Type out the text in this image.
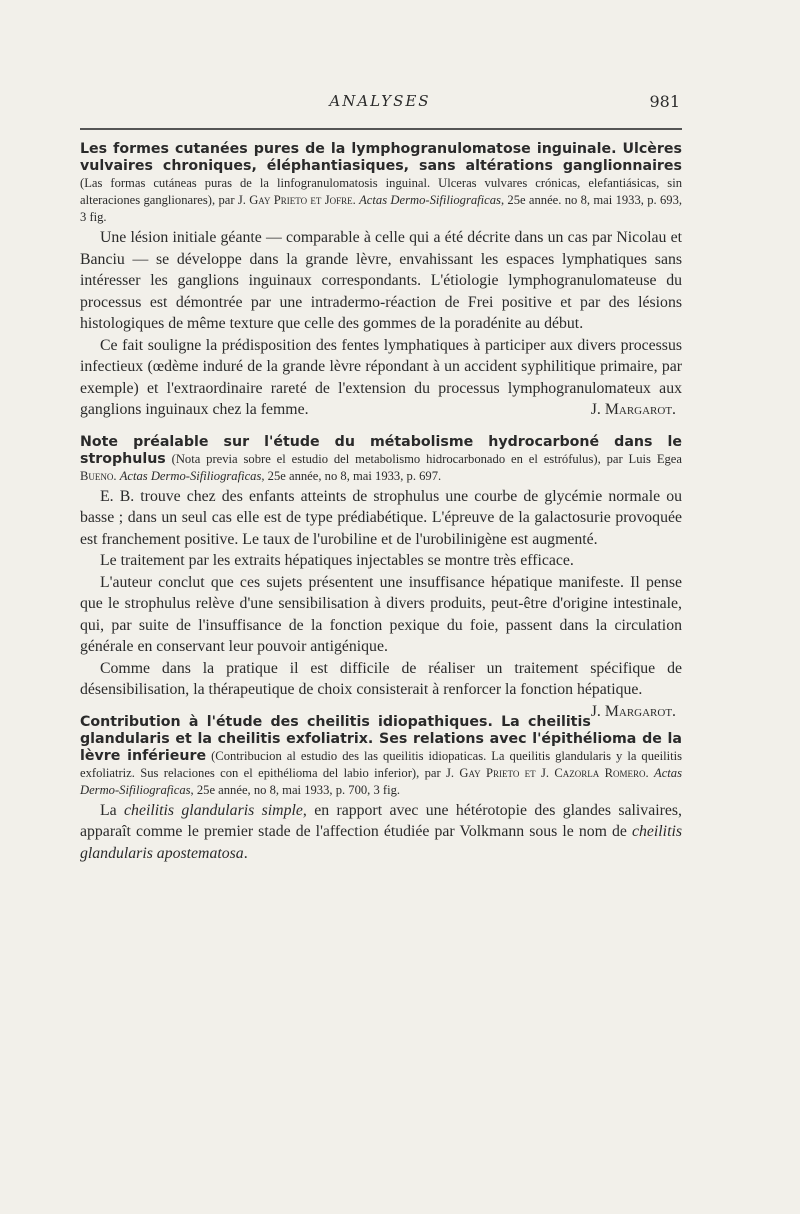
ANALYSES	981

Les formes cutanées pures de la lymphogranulomatose inguinale. Ulcères vulvaires chroniques, éléphantiasiques, sans altérations ganglionnaires (Las formas cutáneas puras de la linfogranulomatosis inguinal. Ulceras vulvares crónicas, elefantiásicas, sin alteraciones ganglionares), par J. Gay Prieto et Jofre. Actas Dermo-Sifiliograficas, 25e année. no 8, mai 1933, p. 693, 3 fig.

Une lésion initiale géante — comparable à celle qui a été décrite dans un cas par Nicolau et Banciu — se développe dans la grande lèvre, envahissant les espaces lymphatiques sans intéresser les ganglions inguinaux correspondants. L'étiologie lymphogranulomateuse du processus est démontrée par une intradermo-réaction de Frei positive et par des lésions histologiques de même texture que celle des gommes de la poradénite au début.

Ce fait souligne la prédisposition des fentes lymphatiques à participer aux divers processus infectieux (œdème induré de la grande lèvre répondant à un accident syphilitique primaire, par exemple) et l'extraordinaire rareté de l'extension du processus lymphogranulomateux aux ganglions inguinaux chez la femme.	J. Margarot.

Note préalable sur l'étude du métabolisme hydrocarboné dans le strophulus (Nota previa sobre el estudio del metabolismo hidrocarbonado en el estrófulus), par Luis Egea Bueno. Actas Dermo-Sifiliograficas, 25e année, no 8, mai 1933, p. 697.

E. B. trouve chez des enfants atteints de strophulus une courbe de glycémie normale ou basse ; dans un seul cas elle est de type prédiabétique. L'épreuve de la galactosurie provoquée est franchement positive. Le taux de l'urobiline et de l'urobilinigène est augmenté.

Le traitement par les extraits hépatiques injectables se montre très efficace.

L'auteur conclut que ces sujets présentent une insuffisance hépatique manifeste. Il pense que le strophulus relève d'une sensibilisation à divers produits, peut-être d'origine intestinale, qui, par suite de l'insuffisance de la fonction pexique du foie, passent dans la circulation générale en conservant leur pouvoir antigénique.

Comme dans la pratique il est difficile de réaliser un traitement spécifique de désensibilisation, la thérapeutique de choix consisterait à renforcer la fonction hépatique.
J. Margarot.

Contribution à l'étude des cheilitis idiopathiques. La cheilitis glandularis et la cheilitis exfoliatrix. Ses relations avec l'épithélioma de la lèvre inférieure (Contribucion al estudio des las queilitis idiopaticas. La queilitis glandularis y la queilitis exfoliatriz. Sus relaciones con el epithélioma del labio inferior), par J. Gay Prieto et J. Cazorla Romero. Actas Dermo-Sifiliograficas, 25e année, no 8, mai 1933, p. 700, 3 fig.

La cheilitis glandularis simple, en rapport avec une hétérotopie des glandes salivaires, apparaît comme le premier stade de l'affection étudiée par Volkmann sous le nom de cheilitis glandularis apostematosa.
